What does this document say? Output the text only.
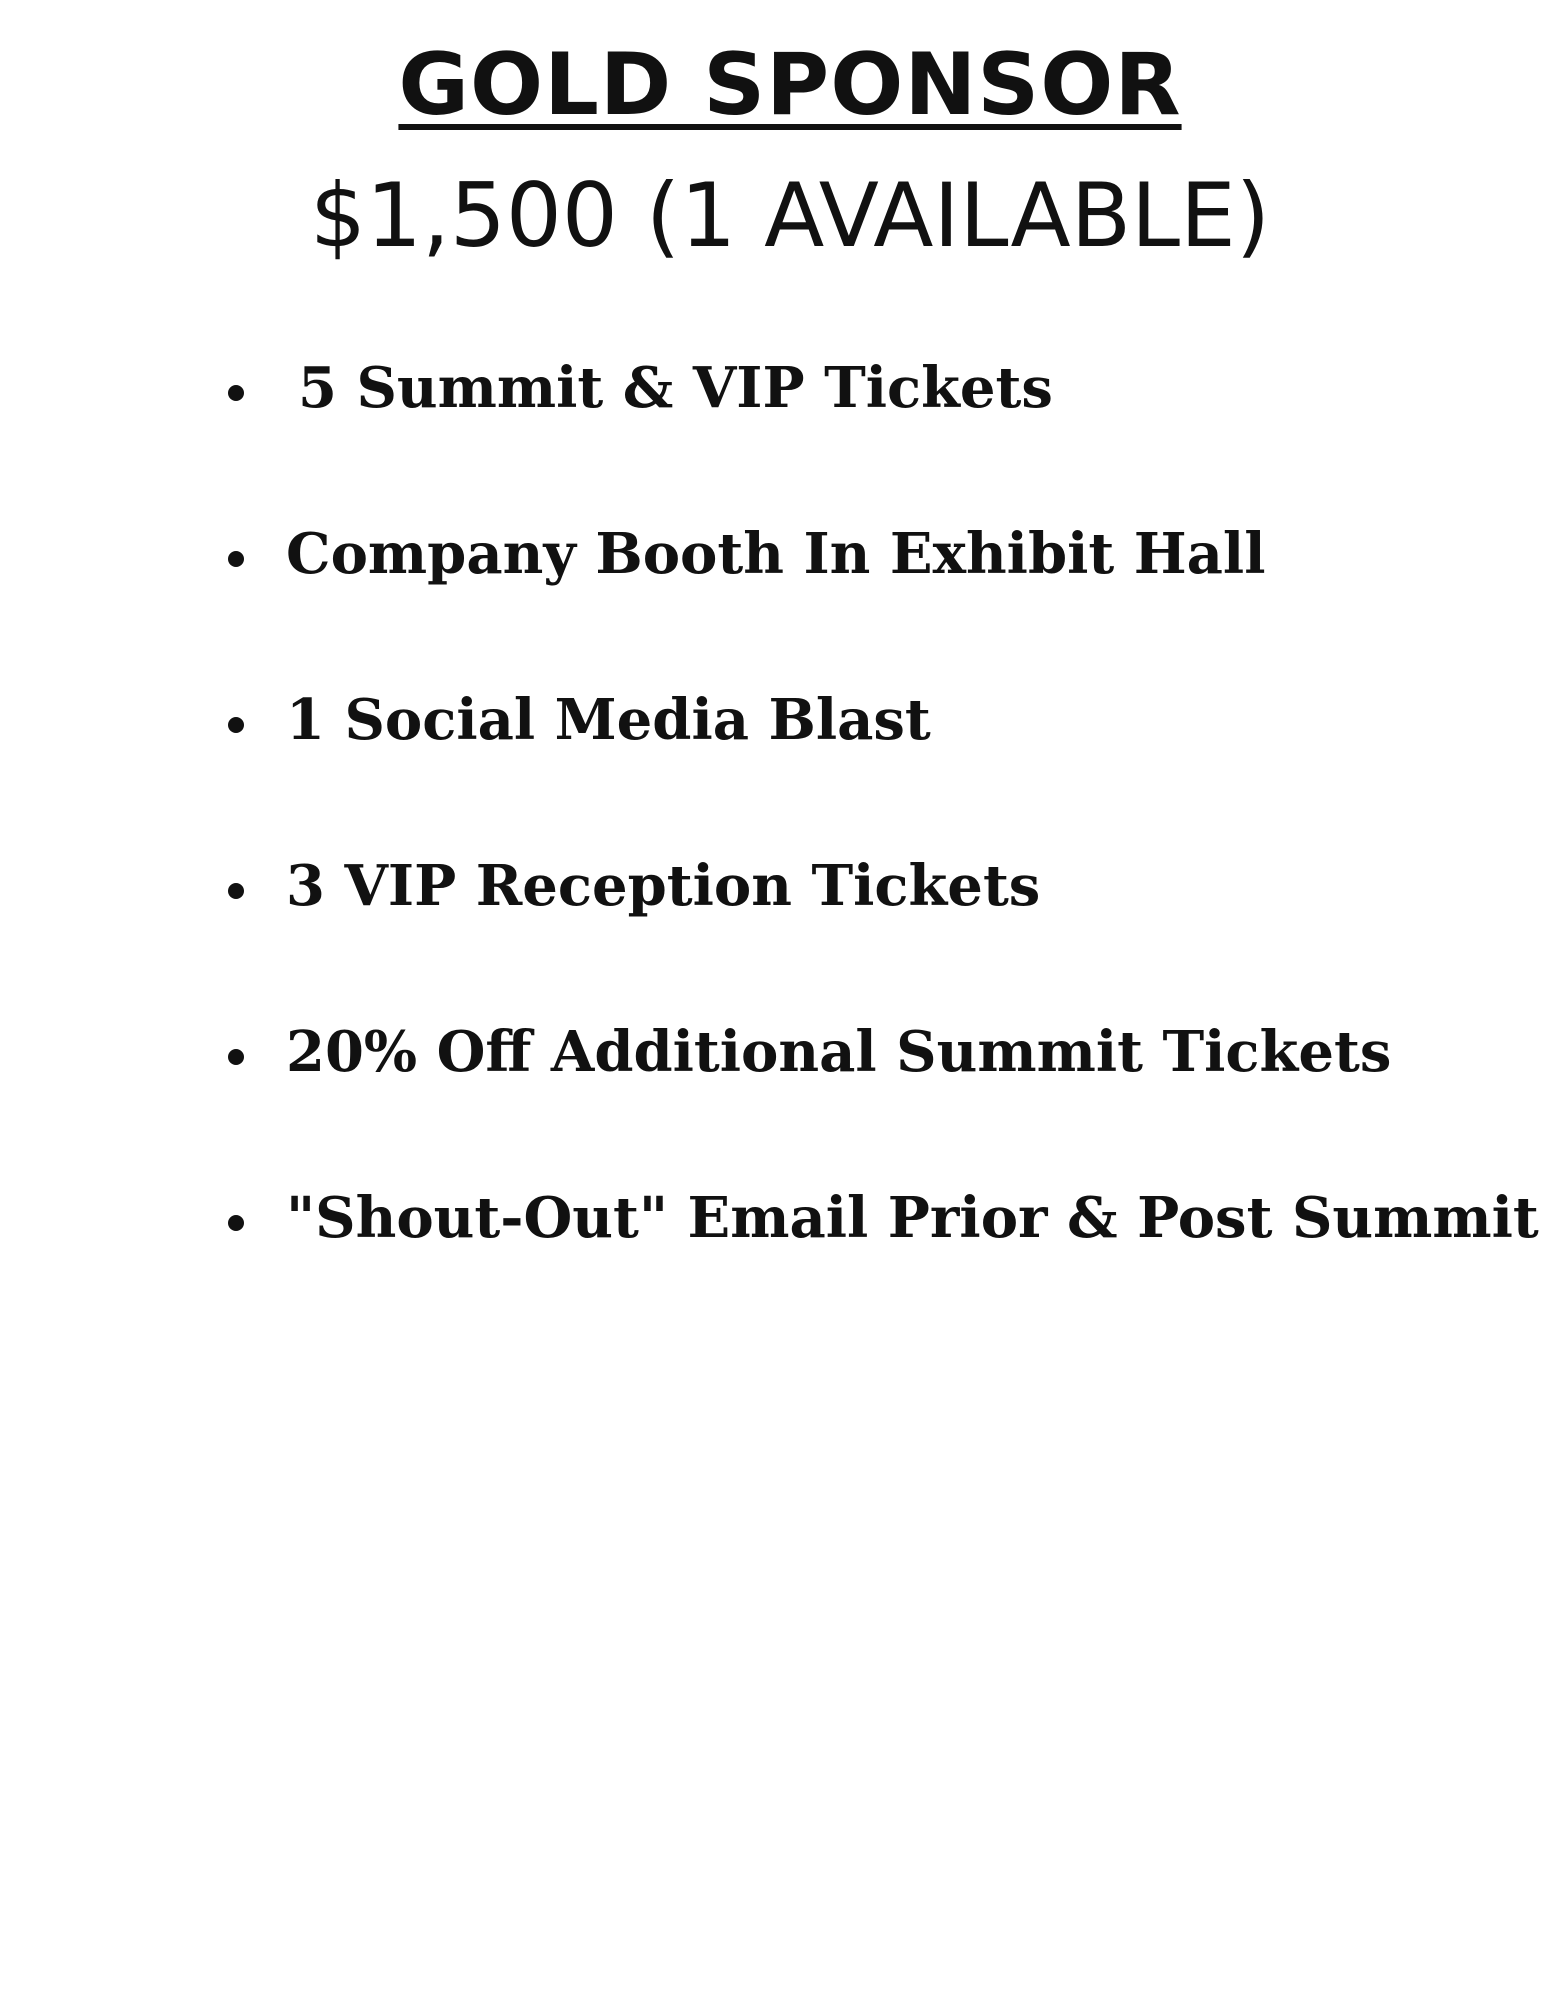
GOLD SPONSOR

$1,500 (1 AVAILABLE)

5 Summit & VIP Tickets
Company Booth In Exhibit Hall
1 Social Media Blast
3 VIP Reception Tickets
20% Off Additional Summit Tickets
"Shout-Out" Email Prior & Post Summit
